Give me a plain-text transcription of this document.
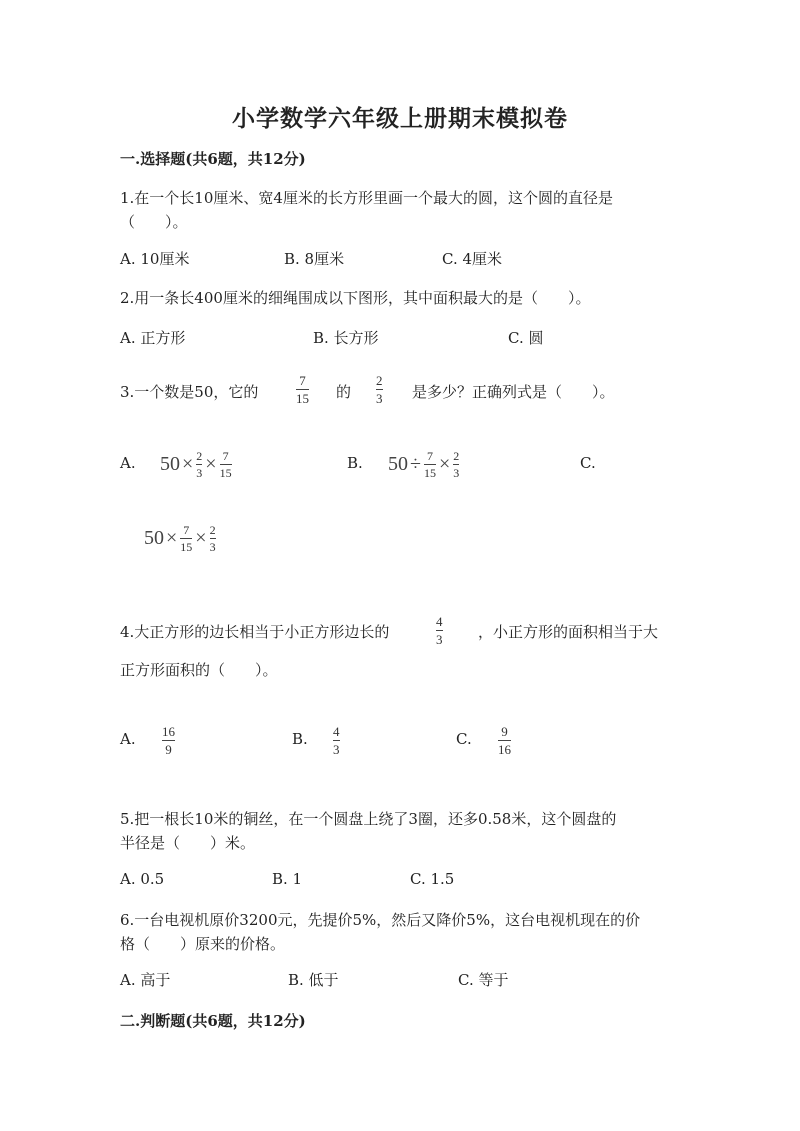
小学数学六年级上册期末模拟卷
一.选择题(共6题，共12分)
1.在一个长10厘米、宽4厘米的长方形里画一个最大的圆，这个圆的直径是
（　　）。
A. 10厘米	B. 8厘米	C. 4厘米
2.用一条长400厘米的细绳围成以下图形，其中面积最大的是（　　）。
A. 正方形	B. 长方形	C. 圆
3.一个数是50，它的
7
15 的
2
3 是多少？正确列式是（　　）。
A. $50 \times \frac{2}{3} \times \frac{7}{15}$	B. $50 \div \frac{7}{15} \times \frac{2}{3}$	C.
$50 \times \frac{7}{15} \times \frac{2}{3}$
4.大正方形的边长相当于小正方形边长的
4
3 ，小正方形的面积相当于大
正方形面积的（　　）。
A. 16
9
B. 4
3
C. 9
16
5.把一根长10米的铜丝，在一个圆盘上绕了3圈，还多0.58米，这个圆盘的
半径是（　　）米。
A. 0.5	B. 1	C. 1.5
6.一台电视机原价3200元，先提价5%，然后又降价5%，这台电视机现在的价
格（　　）原来的价格。
A. 高于	B. 低于	C. 等于
二.判断题(共6题，共12分)
